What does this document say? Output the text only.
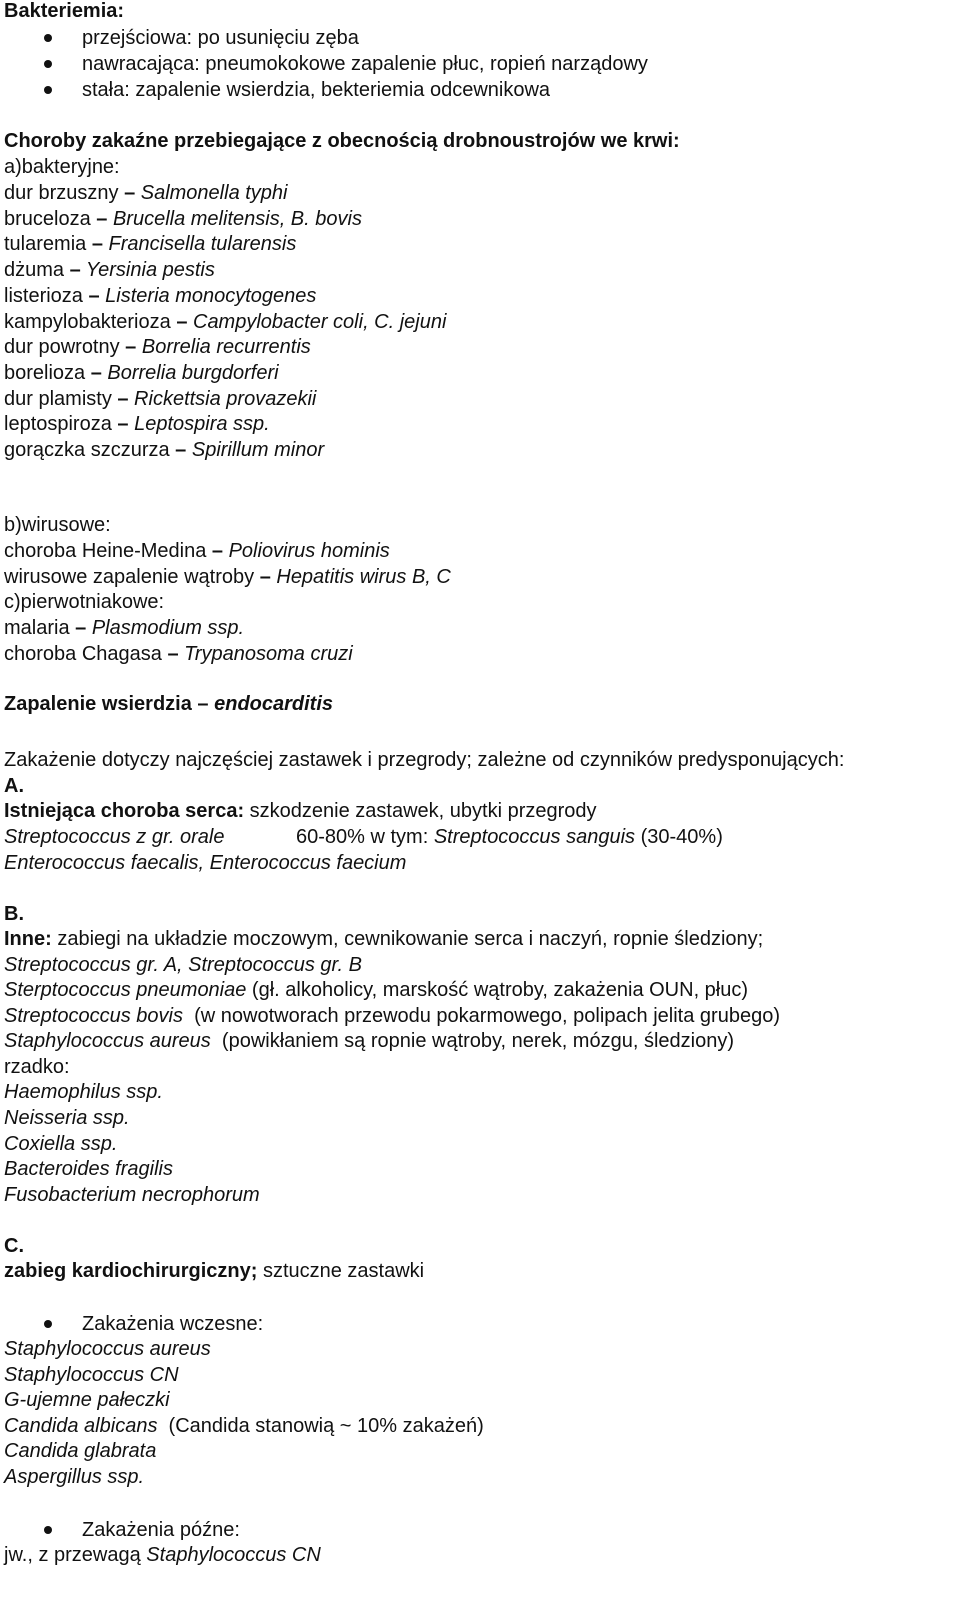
Bakteriemia:
przejściowa: po usunięciu zęba
nawracająca: pneumokokowe zapalenie płuc, ropień narządowy
stała: zapalenie wsierdzia, bekteriemia odcewnikowa
Choroby zakaźne przebiegające z obecnością drobnoustrojów we krwi:
a)bakteryjne:
dur brzuszny – Salmonella typhi
bruceloza – Brucella melitensis, B. bovis
tularemia – Francisella tularensis
dżuma – Yersinia pestis
listerioza – Listeria monocytogenes
kampylobakterioza – Campylobacter coli, C. jejuni
dur powrotny – Borrelia recurrentis
borelioza – Borrelia burgdorferi
dur plamisty – Rickettsia provazekii
leptospiroza – Leptospira ssp.
gorączka szczurza – Spirillum minor
b)wirusowe:
choroba Heine-Medina – Poliovirus hominis
wirusowe zapalenie wątroby – Hepatitis wirus B, C
c)pierwotniakowe:
malaria – Plasmodium ssp.
choroba Chagasa – Trypanosoma cruzi
Zapalenie wsierdzia – endocarditis
Zakażenie dotyczy najczęściej zastawek i przegrody; zależne od czynników predysponujących:
A.
Istniejąca choroba serca: szkodzenie zastawek, ubytki przegrody
Streptococcus z gr. orale	60-80% w tym: Streptococcus sanguis (30-40%)
Enterococcus faecalis, Enterococcus faecium
B.
Inne: zabiegi na układzie moczowym, cewnikowanie serca i naczyń, ropnie śledziony;
Streptococcus gr. A, Streptococcus gr. B
Sterptococcus pneumoniae (gł. alkoholicy, marskość wątroby, zakażenia OUN, płuc)
Streptococcus bovis  (w nowotworach przewodu pokarmowego, polipach jelita grubego)
Staphylococcus aureus  (powikłaniem są ropnie wątroby, nerek, mózgu, śledziony)
rzadko:
Haemophilus ssp.
Neisseria ssp.
Coxiella ssp.
Bacteroides fragilis
Fusobacterium necrophorum
C.
zabieg kardiochirurgiczny; sztuczne zastawki
Zakażenia wczesne:
Staphylococcus aureus
Staphylococcus CN
G-ujemne pałeczki
Candida albicans  (Candida stanowią ~ 10% zakażeń)
Candida glabrata
Aspergillus ssp.
Zakażenia późne:
jw., z przewagą Staphylococcus CN
